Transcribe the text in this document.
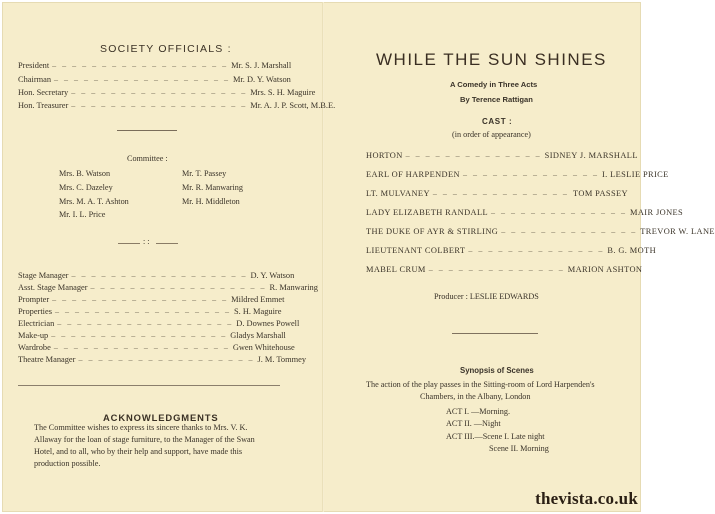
SOCIETY OFFICIALS :
President – – – – – – – – – – – – – – – – – – Mr. S. J. Marshall
Chairman – – – – – – – – – – – – – – – – – – Mr. D. Y. Watson
Hon. Secretary – – – – – – – – – – – – – – – – – – Mrs. S. H. Maguire
Hon. Treasurer – – – – – – – – – – – – – – – – – – Mr. A. J. P. Scott, M.B.E.
Committee :
Mrs. B. Watson
Mrs. C. Dazeley
Mrs. M. A. T. Ashton
Mr. I. L. Price
Mr. T. Passey
Mr. R. Manwaring
Mr. H. Middleton
: :
Stage Manager – – – – – – – – – – – – – – – – – – D. Y. Watson
Asst. Stage Manager – – – – – – – – – – – – – – – – – – R. Manwaring
Prompter – – – – – – – – – – – – – – – – – – Mildred Emmet
Properties – – – – – – – – – – – – – – – – – – S. H. Maguire
Electrician – – – – – – – – – – – – – – – – – – D. Downes Powell
Make-up – – – – – – – – – – – – – – – – – – Gladys Marshall
Wardrobe – – – – – – – – – – – – – – – – – – Gwen Whitehouse
Theatre Manager – – – – – – – – – – – – – – – – – – J. M. Tommey
ACKNOWLEDGMENTS
The Committee wishes to express its sincere thanks to Mrs. V. K.
Allaway for the loan of stage furniture, to the Manager of the Swan
Hotel, and to all, who by their help and support, have made this
production possible.
WHILE THE SUN SHINES
A Comedy in Three Acts
By Terence Rattigan
CAST :
(in order of appearance)
HORTON – – – – – – – – – – – – – – SIDNEY J. MARSHALL
EARL OF HARPENDEN – – – – – – – – – – – – – – I. LESLIE PRICE
LT. MULVANEY – – – – – – – – – – – – – – TOM PASSEY
LADY ELIZABETH RANDALL – – – – – – – – – – – – – – MAIR JONES
THE DUKE OF AYR & STIRLING – – – – – – – – – – – – – – TREVOR W. LANE
LIEUTENANT COLBERT – – – – – – – – – – – – – – B. G. MOTH
MABEL CRUM – – – – – – – – – – – – – – MARION ASHTON
Producer : LESLIE EDWARDS
Synopsis of Scenes
The action of the play passes in the Sitting-room of Lord Harpenden's
Chambers, in the Albany, London
ACT I. —Morning.
ACT II. —Night
ACT III.—Scene I. Late night
Scene II. Morning
thevista.co.uk
